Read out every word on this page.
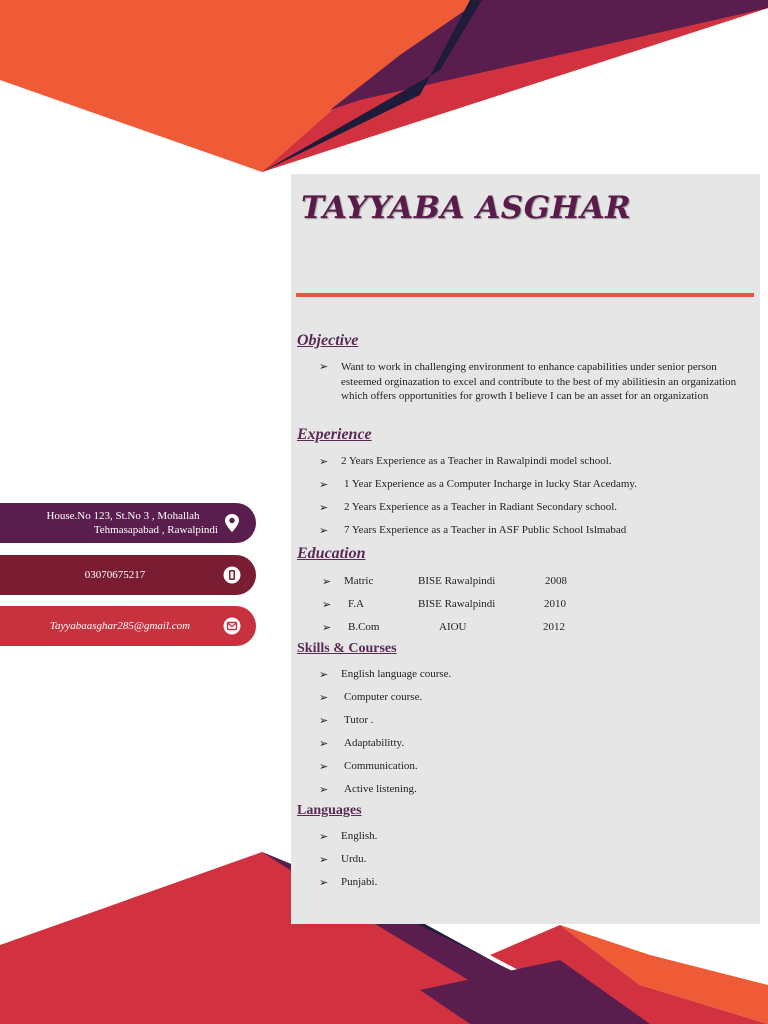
House.No 123, St.No 3 , Mohallah
Tehmasapabad , Rawalpindi
03070675217
Tayyabaasghar285@gmail.com
TAYYABA ASGHAR
Objective
➢ Want to work in challenging environment to enhance capabilities under senior person esteemed orginazation to excel and contribute to the best of my abilitiesin an organization which offers opportunities for growth I believe I can be an asset for an organization

Experience
➢ 2 Years Experience as a Teacher in Rawalpindi model school.
➢ 1 Year Experience as a Computer Incharge in lucky Star Acedamy.
➢ 2 Years Experience as a Teacher in Radiant Secondary school.
➢ 7 Years Experience as a Teacher in ASF Public School Islmabad
Education
➢ Matric	BISE Rawalpindi	2008
➢ F.A	BISE Rawalpindi	2010
➢ B.Com	AIOU	2012
Skills & Courses
➢ English language course.
➢ Computer course.
➢ Tutor .
➢ Adaptabilitty.
➢ Communication.
➢ Active listening.
Languages
➢ English.
➢ Urdu.
➢ Punjabi.
